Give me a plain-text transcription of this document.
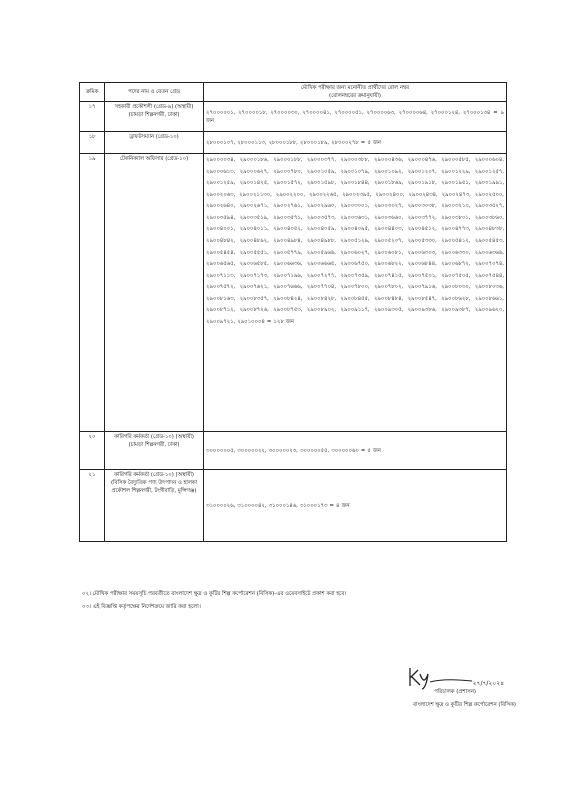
ক্রমিক	পদের নাম ও বেতন গ্রেড	মৌখিক পরীক্ষার জন্য মনোনীত প্রার্থীদের রোল নম্বর
(রোলনম্বরের ক্রমানুযায়ী)

১৭	সহকারী প্রকৌশলী (গ্রেড-৯) (অস্থায়ী) (চামড়া শিল্পনগরী, ঢাকা)	২৭০০০০০১, ২৭০০০০১৮, ২৭০০০০৩০, ২৭০০০০৪১, ২৭০০০০৫১, ২৭০০০০৬৩, ২৭০০০০৬৪, ২৭০০০১২৪, ২৭০০০১৩৪ = ৯ জন
১৮	ড্রাফটসম্যান (গ্রেড-১০)	২৮০০০১০৭, ২৮০০০১১৩, ২৮০০০১৮৮, ২৮০০০১৮৯, ২৮০০০২৭৮ = ৫ জন
১৯	টেকনিক্যাল অফিসার (গ্রেড-১০)	২৯০০০০৩৪, ২৯০০০১৮৬, ২৯০০০১৮৮, ২৯০০০৩৭৭, ২৯০০০৩৮৮, ২৯০০০৪৩৬, ২৯০০০৪৭৬, ২৯০০০৫৮৫, ২৯০০০৬০৪, ২৯০০০৬১৩, ২৯০০০৬২৭, ২৯০০০৭৮০, ২৯০০১০৫৯, ২৯০০১০৭৯, ২৯০০১০৯২, ২৯০০১২০৭, ২৯০০১২২৯, ২৯০০১২৫৭, ২৯০০১২৫৯, ২৯০০১৪২৫, ২৯০০১৫৭২, ২৯০০১৫৯৮, ২৯০০১৮৪৪, ২৯০০১৮৬৯, ২৯০০১৯১৮, ২৯০০১৯৫১, ২৯০০১৯৯১, ২৯০০২০৬৩, ২৯০০২১১৩০, ২৯০০২২০০, ২৯০০২২৬৫, ২৯০০২৩৯৫, ২৯০০২৪০০, ২৯০০২৪৩৪, ২৯০০২৪৭৩, ২৯০০২৫০০, ২৯০০২৬৪০, ২৯০০২৬৭১, ২৯০০২৭৬১, ২৯০০২৯৬০, ২৯০০৩০০১, ২৯০০৩০২৭, ২৯০০৩০৩৮, ২৯০০৩২১০, ২৯০০৩৫২৭, ২৯০০৩৫৯৪, ২৯০০৩৫১৯, ২৯০০৩৫৭১, ২৯০০৩৫৭৩, ২৯০০৩৬৩১, ২৯০০৩৬৬০, ২৯০০৩৭৭২, ২৯০০৩৮০১, ২৯০০৩৮৬০, ২৯০০৪০০১, ২৯০০৪০১১, ২৯০০৪০৫২, ২৯০০৪০৫৯, ২৯০০৪০৯৫, ২৯০০৪৪০৩, ২৯০০৪৫১২, ২৯০০৪৭৭৩, ২৯০০৪৮৩৮, ২৯০০৪৮৪২, ২৯০০৪৮৯২, ২৯০০৪৯৮৪, ২৯০০৪৯৮৮, ২৯০০৫১২৯, ২৯০০৫২০৭, ২৯০০৫৩৩০, ২৯০০৫৪১২, ২৯০০৫৪৫৩, ২৯০০৫৪৫৪, ২৯০০৫৫৫১, ২৯০০৫৭৭৯, ২৯০০৫৯৬৬, ২৯০০৬০২৭, ২৯০০৬০৮১, ২৯০০৬৩০৩, ২৯০০৬৩৩০, ২৯০০৬৩৬৬, ২৯০০৬৫৬৫, ২৯০০৬৫৮৫, ২৯০০৬৬৩৬, ২৯০০৬৬৬৫, ২৯০০৬৭৫০, ২৯০০৬৮২২, ২৯০০৬৮৪৪, ২৯০০৬৮৭২, ২৯০০৭০৭৪, ২৯০০৭১১৩, ২৯০০৭১৭৩, ২৯০০৭১৯৬, ২৯০০৭২৭৭, ২৯০০৭৩৫৯, ২৯০০৭৪১৫, ২৯০০৭৫০১, ২৯০০৭৫০৫, ২৯০০৭৫৪৪, ২৯০০৭৫৭২, ২৯০০৭৬২১, ২৯০০৭৬৬৬, ২৯০০৭৭০৪, ২৯০০৭৮০০, ২৯০০৭৮০২, ২৯০০৭৯১৬, ২৯০০৮০৩০, ২৯০০৮০৩৬, ২৯০০৮১৬৩, ২৯০০৮৩৫৭, ২৯০০৮৪২৪, ২৯০০৮৪২৮, ২৯০০৮৪৫৫, ২৯০০৮৪৮৪, ২৯০০৮৫৪৭, ২৯০০৮৬২৮, ২৯০০৮৬৬১, ২৯০০৮৭১২, ২৯০০৮৭২৬, ২৯০০৮৭৫৩, ২৯০০৮৯০২, ২৯০০৯১১৭, ২৯০০৯৩০৫, ২৯০০৯৩৮৬, ২৯০০৯৩৮৭, ২৯০০৯৬২০, ২৯০০৯৭২১, ২৯০১০০০৪ = ১২৮ জন
২০	কারিগরি কর্মকর্তা (গ্রেড-১০) (অস্থায়ী) (চামড়া শিল্পনগরী, ঢাকা)	৩০০০০০০৫, ৩০০০০০২২, ৩০০০০০২৩, ৩০০০০০৫৫, ৩০০০০০৬০ = ৫ জন
২১	কারিগরি কর্মকর্তা (গ্রেড-১০) (অস্থায়ী) (বিসিক বৈদ্যুতিক পণ্য উৎপাদন ও হালকা প্রকৌশল শিল্পনগরী, টংগীবাড়ি, মুন্সিগঞ্জ)	৩১০০০০২৬, ৩১০০০০৪২, ৩১০০০১৪৬, ৩১০০০১৭৩ = ৪ জন
০২। মৌখিক পরীক্ষার সময়সূচি পরবর্তীতে বাংলাদেশ ক্ষুদ্র ও কুটির শিল্প কর্পোরেশন (বিসিক)-এর ওয়েবসাইটে প্রকাশ করা হবে।
০৩। এই বিজ্ঞপ্তি কর্তৃপক্ষের নির্দেশক্রমে জারি করা হলো।
২৭/৭/২০২৪
পরিচালক (প্রশাসন)
বাংলাদেশ ক্ষুদ্র ও কুটির শিল্প কর্পোরেশন (বিসিক)
